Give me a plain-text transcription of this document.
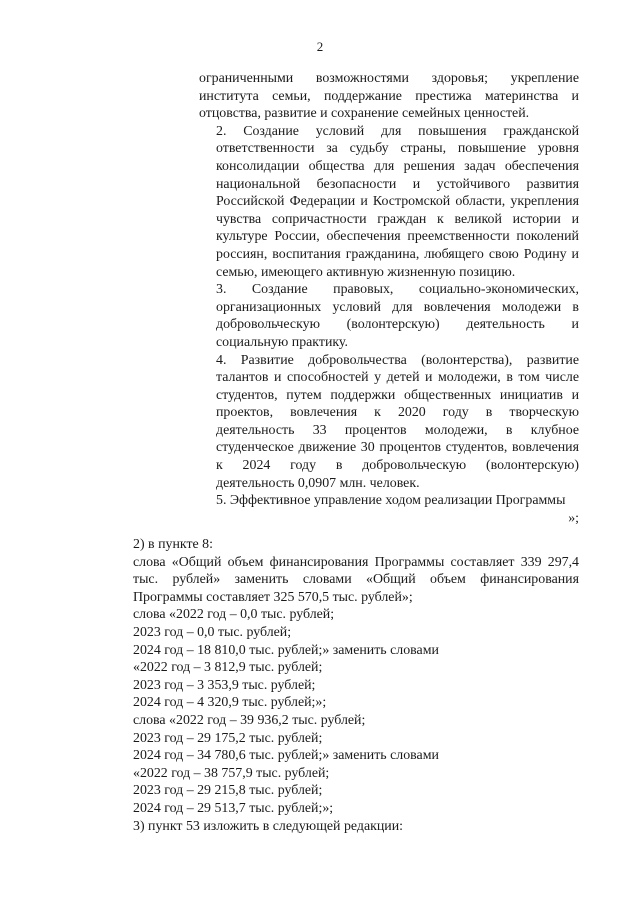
2

ограниченными возможностями здоровья; укрепление института семьи, поддержание престижа материнства и отцовства, развитие и сохранение семейных ценностей.

2. Создание условий для повышения гражданской ответственности за судьбу страны, повышение уровня консолидации общества для решения задач обеспечения национальной безопасности и устойчивого развития Российской Федерации и Костромской области, укрепления чувства сопричастности граждан к великой истории и культуре России, обеспечения преемственности поколений россиян, воспитания гражданина, любящего свою Родину и семью, имеющего активную жизненную позицию.

3. Создание правовых, социально-экономических, организационных условий для вовлечения молодежи в добровольческую (волонтерскую) деятельность и социальную практику.

4. Развитие добровольчества (волонтерства), развитие талантов и способностей у детей и молодежи, в том числе студентов, путем поддержки общественных инициатив и проектов, вовлечения к 2020 году в творческую деятельность 33 процентов молодежи, в клубное студенческое движение 30 процентов студентов, вовлечения к 2024 году в добровольческую (волонтерскую) деятельность 0,0907 млн. человек.

5. Эффективное управление ходом реализации Программы

»;

2) в пункте 8:

слова «Общий объем финансирования Программы составляет 339 297,4 тыс. рублей» заменить словами «Общий объем финансирования Программы составляет 325 570,5 тыс. рублей»;

слова «2022 год – 0,0 тыс. рублей;

2023 год – 0,0 тыс. рублей;

2024 год – 18 810,0 тыс. рублей;» заменить словами

«2022 год – 3 812,9 тыс. рублей;

2023 год – 3 353,9 тыс. рублей;

2024 год – 4 320,9 тыс. рублей;»;

слова «2022 год – 39 936,2 тыс. рублей;

2023 год – 29 175,2 тыс. рублей;

2024 год – 34 780,6 тыс. рублей;» заменить словами

«2022 год – 38 757,9 тыс. рублей;

2023 год – 29 215,8 тыс. рублей;

2024 год – 29 513,7 тыс. рублей;»;

3) пункт 53 изложить в следующей редакции:
